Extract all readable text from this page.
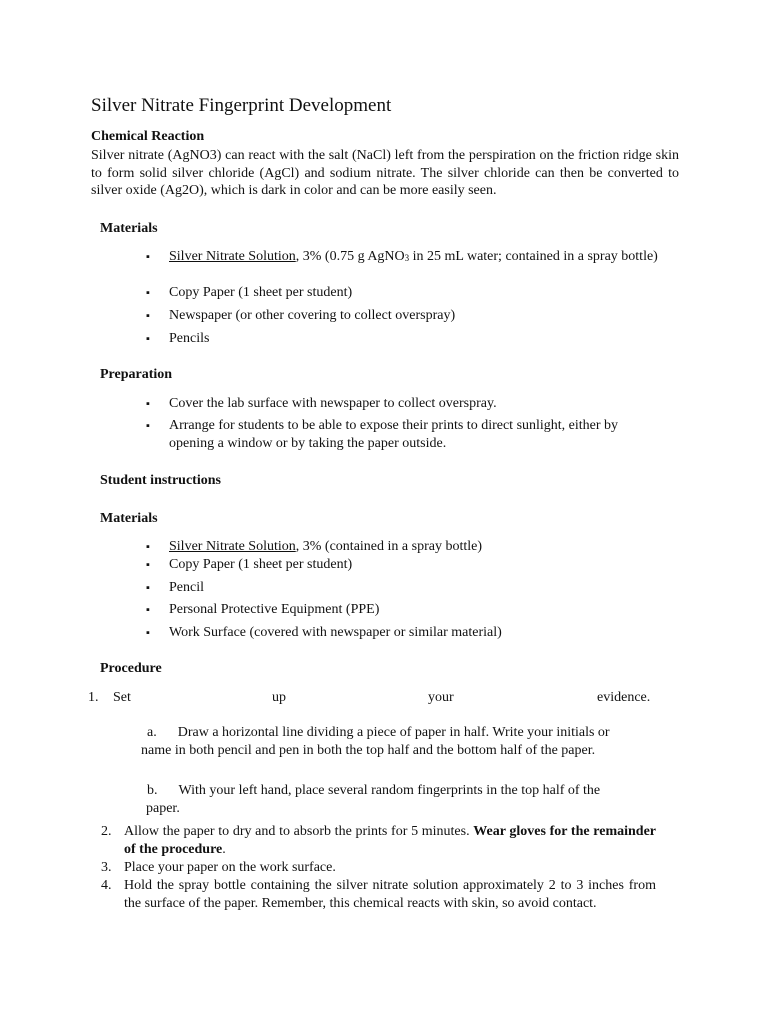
Silver Nitrate Fingerprint Development
Chemical Reaction
Silver nitrate (AgNO3) can react with the salt (NaCl) left from the perspiration on the friction ridge skin to form solid silver chloride (AgCl) and sodium nitrate. The silver chloride can then be converted to silver oxide (Ag2O), which is dark in color and can be more easily seen.
Materials
▪ Silver Nitrate Solution, 3% (0.75 g AgNO$_3$ in 25 mL water; contained in a spray bottle)
▪ Copy Paper (1 sheet per student)
▪ Newspaper (or other covering to collect overspray)
▪ Pencils
Preparation
▪ Cover the lab surface with newspaper to collect overspray.
▪ Arrange for students to be able to expose their prints to direct sunlight, either by opening a window or by taking the paper outside.
Student instructions
Materials
▪ Silver Nitrate Solution, 3% (contained in a spray bottle)
▪ Copy Paper (1 sheet per student)
▪ Pencil
▪ Personal Protective Equipment (PPE)
▪ Work Surface (covered with newspaper or similar material)
Procedure
1. Set	up	your	evidence.
a. Draw a horizontal line dividing a piece of paper in half. Write your initials or name in both pencil and pen in both the top half and the bottom half of the paper.
b. With your left hand, place several random fingerprints in the top half of the paper.
2. Allow the paper to dry and to absorb the prints for 5 minutes. Wear gloves for the remainder of the procedure.
3. Place your paper on the work surface.
4. Hold the spray bottle containing the silver nitrate solution approximately 2 to 3 inches from the surface of the paper. Remember, this chemical reacts with skin, so avoid contact.
